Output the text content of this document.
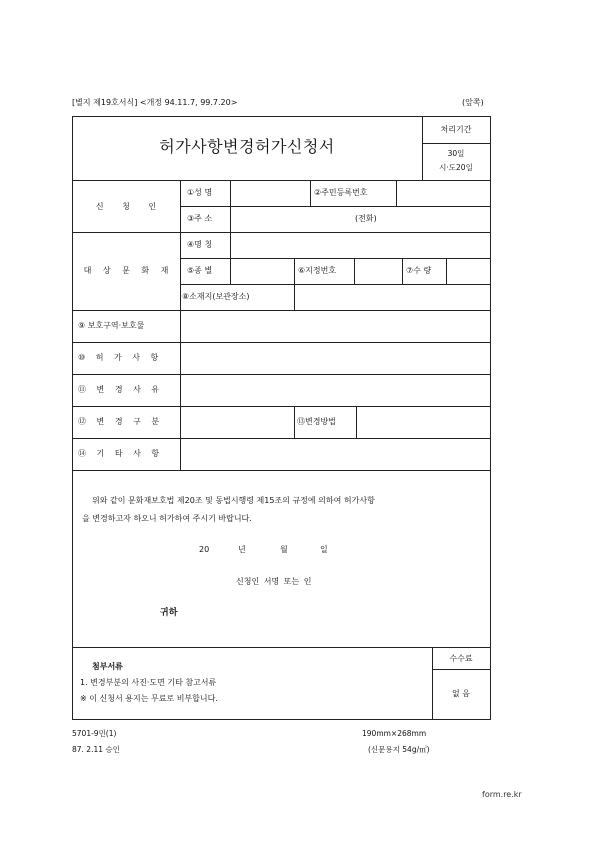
[별지 제19호서식] <개정 94.11.7, 99.7.20>	(앞쪽)
허가사항변경허가신청서
처리기간
30일
시·도20일
신 청 인
①성 명	②주민등록번호
③주 소	(전화)
대 상 문 화 재
④명 칭
⑤종 별	⑥지정번호	⑦수 량
⑧소재지(보관장소)
⑨ 보호구역·보호물
⑩ 허 가 사 항
⑪ 변 경 사 유
⑫ 변 경 구 분	⑬변경방법
⑭ 기 타 사 항
위와 같이 문화재보호법 제20조 및 동법시행령 제15조의 규정에 의하여 허가사항
을 변경하고자 하오니 허가하여 주시기 바랍니다.
20	년	월	일
신청인 서명 또는 인
귀하
첨부서류
1. 변경부분의 사진·도면 기타 참고서류
※ 이 신청서 용지는 무료로 비부합니다.
수수료
없 음
5701-9민(1)
87. 2.11 승인
190mm×268mm
(신문용지 54g/㎡)
form.re.kr
